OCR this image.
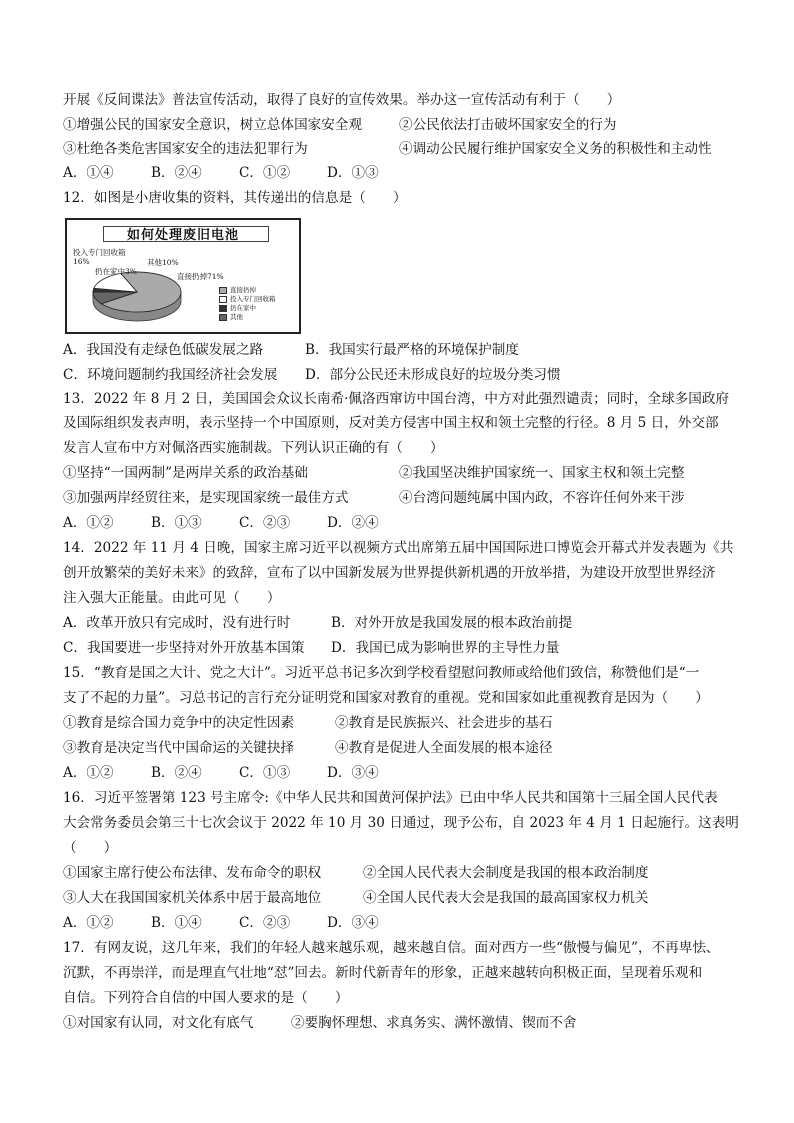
开展《反间谍法》普法宣传活动，取得了良好的宣传效果。举办这一宣传活动有利于（　　）
①增强公民的国家安全意识，树立总体国家安全观	②公民依法打击破坏国家安全的行为
③杜绝各类危害国家安全的违法犯罪行为	④调动公民履行维护国家安全义务的积极性和主动性
A．①④	B．②④	C．①②	D．①③
12．如图是小唐收集的资料，其传递出的信息是（　　）
如何处理废旧电池
投入专门回收箱16%
扔在家中3%
其他10%
直接扔掉71%
直接扔掉
投入专门回收箱
扔在家中
其他
A．我国没有走绿色低碳发展之路	B．我国实行最严格的环境保护制度
C．环境问题制约我国经济社会发展	D．部分公民还未形成良好的垃圾分类习惯
13．2022 年 8 月 2 日，美国国会众议长南希·佩洛西窜访中国台湾，中方对此强烈谴责；同时，全球多国政府
及国际组织发表声明，表示坚持一个中国原则，反对美方侵害中国主权和领土完整的行径。8 月 5 日，外交部
发言人宣布中方对佩洛西实施制裁。下列认识正确的有（　　）
①坚持“一国两制”是两岸关系的政治基础	②我国坚决维护国家统一、国家主权和领土完整
③加强两岸经贸往来，是实现国家统一最佳方式	④台湾问题纯属中国内政，不容许任何外来干涉
A．①②	B．①③	C．②③	D．②④
14．2022 年 11 月 4 日晚，国家主席习近平以视频方式出席第五届中国国际进口博览会开幕式并发表题为《共
创开放繁荣的美好未来》的致辞，宣布了以中国新发展为世界提供新机遇的开放举措，为建设开放型世界经济
注入强大正能量。由此可见（　　）
A．改革开放只有完成时，没有进行时	B．对外开放是我国发展的根本政治前提
C．我国要进一步坚持对外开放基本国策	D．我国已成为影响世界的主导性力量
15．“教育是国之大计、党之大计”。习近平总书记多次到学校看望慰问教师或给他们致信，称赞他们是“一
支了不起的力量”。习总书记的言行充分证明党和国家对教育的重视。党和国家如此重视教育是因为（　　）
①教育是综合国力竞争中的决定性因素	②教育是民族振兴、社会进步的基石
③教育是决定当代中国命运的关键抉择	④教育是促进人全面发展的根本途径
A．①②	B．②④	C．①③	D．③④
16．习近平签署第 123 号主席令:《中华人民共和国黄河保护法》已由中华人民共和国第十三届全国人民代表
大会常务委员会第三十七次会议于 2022 年 10 月 30 日通过，现予公布，自 2023 年 4 月 1 日起施行。这表明
（　　）
①国家主席行使公布法律、发布命令的职权	②全国人民代表大会制度是我国的根本政治制度
③人大在我国国家机关体系中居于最高地位	④全国人民代表大会是我国的最高国家权力机关
A．①②	B．①④	C．②③	D．③④
17．有网友说，这几年来，我们的年轻人越来越乐观，越来越自信。面对西方一些“傲慢与偏见”，不再卑怯、
沉默，不再崇洋，而是理直气壮地“怼”回去。新时代新青年的形象，正越来越转向积极正面，呈现着乐观和
自信。下列符合自信的中国人要求的是（　　）
①对国家有认同，对文化有底气	②要胸怀理想、求真务实、满怀激情、锲而不舍
